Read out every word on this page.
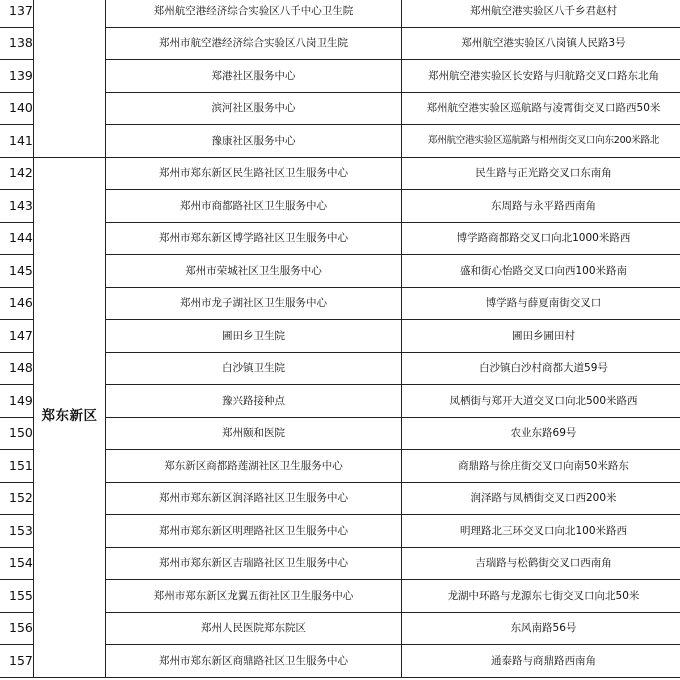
137		郑州航空港经济综合实验区八千中心卫生院	郑州航空港实验区八千乡君赵村
138		郑州市航空港经济综合实验区八岗卫生院	郑州航空港实验区八岗镇人民路3号
139		郑港社区服务中心	郑州航空港实验区长安路与归航路交叉口路东北角
140		滨河社区服务中心	郑州航空港实验区巡航路与凌霄街交叉口路西50米
141		豫康社区服务中心	郑州航空港实验区巡航路与相州街交叉口向东200米路北
142	郑东新区	郑州市郑东新区民生路社区卫生服务中心	民生路与正光路交叉口东南角
143		郑州市商都路社区卫生服务中心	东周路与永平路西南角
144		郑州市郑东新区博学路社区卫生服务中心	博学路商都路交叉口向北1000米路西
145		郑州市荣城社区卫生服务中心	盛和街心怡路交叉口向西100米路南
146		郑州市龙子湖社区卫生服务中心	博学路与薛夏南街交叉口
147		圃田乡卫生院	圃田乡圃田村
148		白沙镇卫生院	白沙镇白沙村商都大道59号
149		豫兴路接种点	凤栖街与郑开大道交叉口向北500米路西
150		郑州颐和医院	农业东路69号
151		郑东新区商都路莲湖社区卫生服务中心	商鼎路与徐庄街交叉口向南50米路东
152		郑州市郑东新区润泽路社区卫生服务中心	润泽路与凤栖街交叉口西200米
153		郑州市郑东新区明理路社区卫生服务中心	明理路北三环交叉口向北100米路西
154		郑州市郑东新区吉瑞路社区卫生服务中心	吉瑞路与松鹤街交叉口西南角
155		郑州市郑东新区龙翼五街社区卫生服务中心	龙湖中环路与龙源东七街交叉口向北50米
156		郑州人民医院郑东院区	东风南路56号
157		郑州市郑东新区商鼎路社区卫生服务中心	通泰路与商鼎路西南角
